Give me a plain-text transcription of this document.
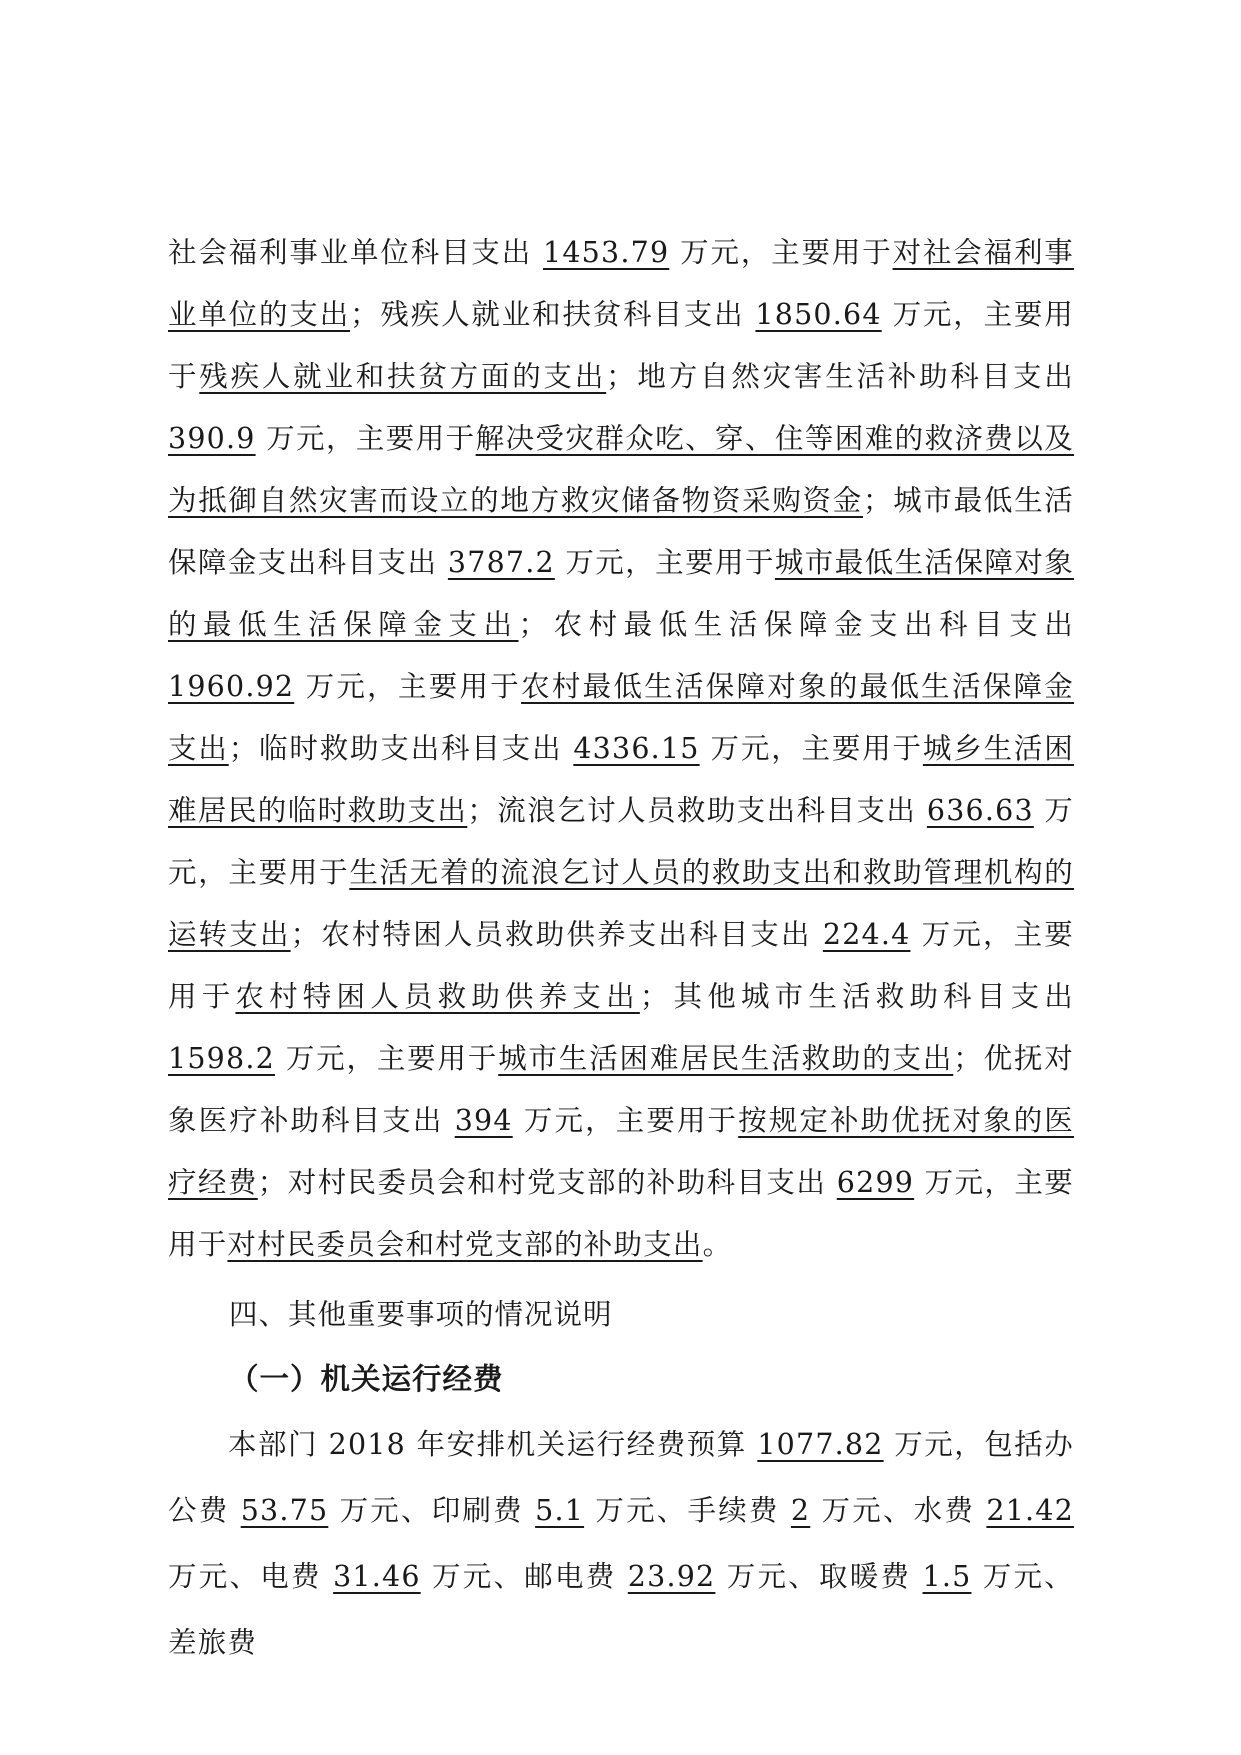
社会福利事业单位科目支出 1453.79 万元，主要用于对社会福利事业单位的支出；残疾人就业和扶贫科目支出 1850.64 万元，主要用于残疾人就业和扶贫方面的支出；地方自然灾害生活补助科目支出 390.9 万元，主要用于解决受灾群众吃、穿、住等困难的救济费以及为抵御自然灾害而设立的地方救灾储备物资采购资金；城市最低生活保障金支出科目支出 3787.2 万元，主要用于城市最低生活保障对象的最低生活保障金支出；农村最低生活保障金支出科目支出 1960.92 万元，主要用于农村最低生活保障对象的最低生活保障金支出；临时救助支出科目支出 4336.15 万元，主要用于城乡生活困难居民的临时救助支出；流浪乞讨人员救助支出科目支出 636.63 万元，主要用于生活无着的流浪乞讨人员的救助支出和救助管理机构的运转支出；农村特困人员救助供养支出科目支出 224.4 万元，主要用于农村特困人员救助供养支出；其他城市生活救助科目支出 1598.2 万元，主要用于城市生活困难居民生活救助的支出；优抚对象医疗补助科目支出 394 万元，主要用于按规定补助优抚对象的医疗经费；对村民委员会和村党支部的补助科目支出 6299 万元，主要用于对村民委员会和村党支部的补助支出。

四、其他重要事项的情况说明
（一）机关运行经费

本部门 2018 年安排机关运行经费预算 1077.82 万元，包括办公费 53.75 万元、印刷费 5.1 万元、手续费 2 万元、水费 21.42 万元、电费 31.46 万元、邮电费 23.92 万元、取暖费 1.5 万元、差旅费
